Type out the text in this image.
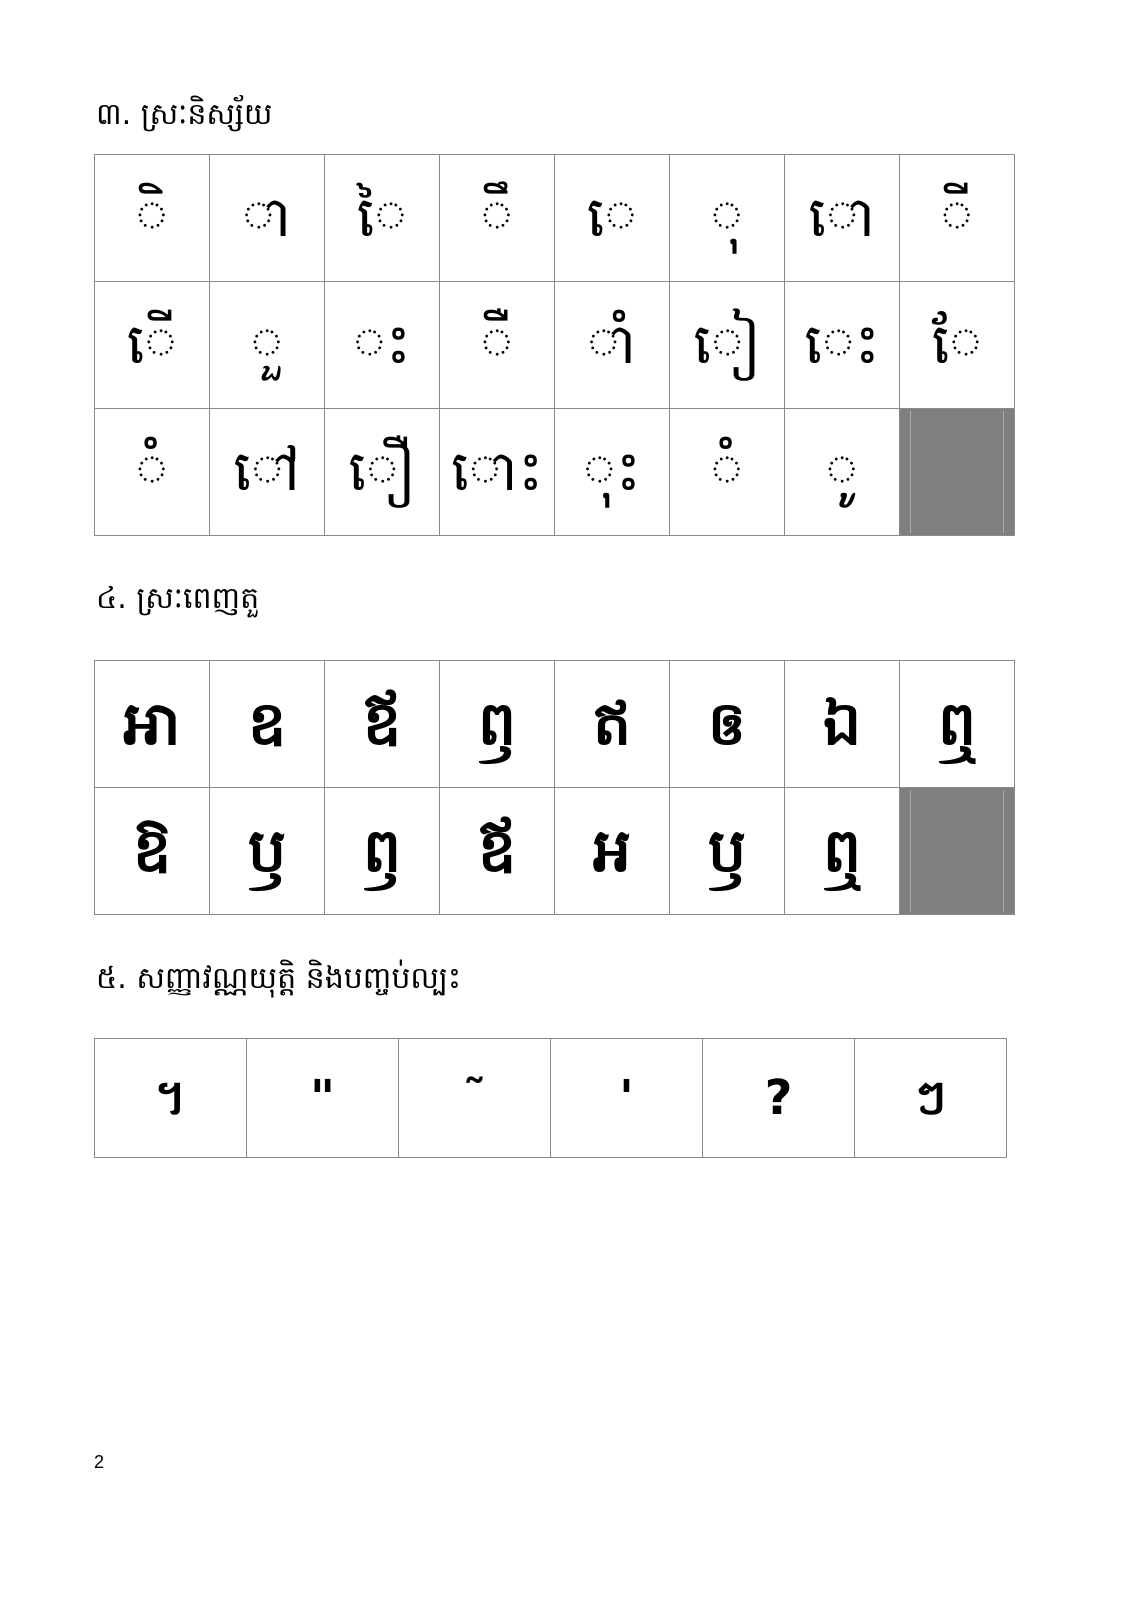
៣. ស្រៈនិស្ស័យ
ិ	ា	ៃ	ឹ	េ	ុ	ោ	ី

ើ	ួ	ះ	ឺ	ាំ	ៀ	េះ	ែ

ំ	ៅ	ឿ	ោះ	ុះ	ំ	ូ	

៤. ស្រៈពេញតួ
អា	ឧ	ឪ	ឭ	ឥ	ឲ	ឯ	ឮ

ឱ	ឫ	ឭ	ឪ	អ	ឫ	ឮ	

៥. សញ្ញាវណ្ណយុត្តិ និងបញ្ចប់ល្បះ
។	"	˜	'	?	ៗ
2
